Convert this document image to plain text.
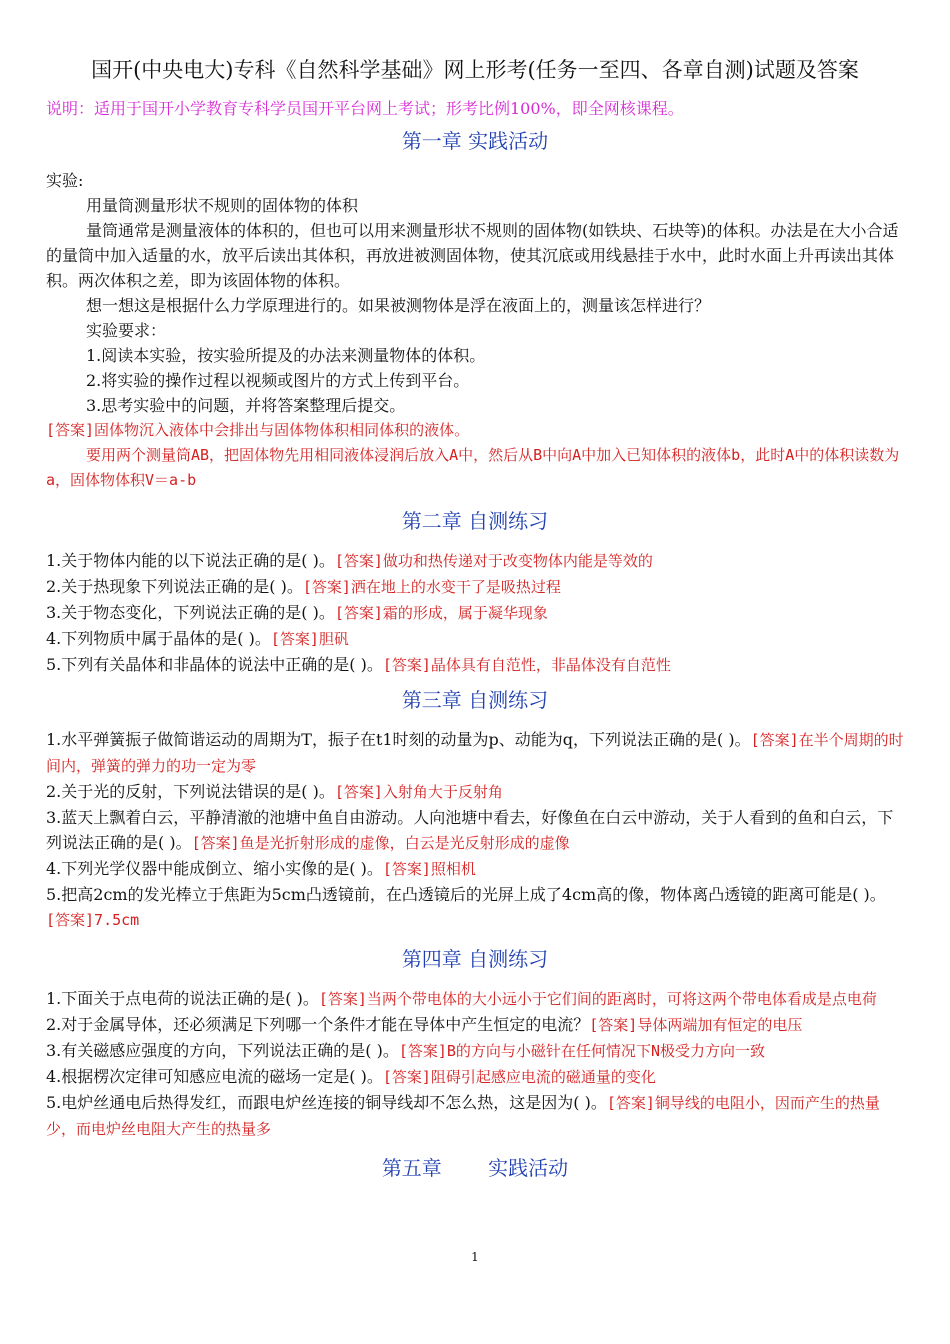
国开(中央电大)专科《自然科学基础》网上形考(任务一至四、各章自测)试题及答案
说明：适用于国开小学教育专科学员国开平台网上考试；形考比例100%，即全网核课程。
第一章 实践活动

实验:

用量筒测量形状不规则的固体物的体积

量筒通常是测量液体的体积的，但也可以用来测量形状不规则的固体物(如铁块、石块等)的体积。办法是在大小合适的量筒中加入适量的水，放平后读出其体积，再放进被测固体物，使其沉底或用线悬挂于水中，此时水面上升再读出其体积。两次体积之差，即为该固体物的体积。

想一想这是根据什么力学原理进行的。如果被测物体是浮在液面上的，测量该怎样进行？

实验要求：

1.阅读本实验，按实验所提及的办法来测量物体的体积。

2.将实验的操作过程以视频或图片的方式上传到平台。

3.思考实验中的问题，并将答案整理后提交。

[答案]固体物沉入液体中会排出与固体物体积相同体积的液体。

要用两个测量筒AB，把固体物先用相同液体浸润后放入A中，然后从B中向A中加入已知体积的液体b，此时A中的体积读数为a，固体物体积V＝a-b

第二章 自测练习

1.关于物体内能的以下说法正确的是( )。[答案]做功和热传递对于改变物体内能是等效的

2.关于热现象下列说法正确的是( )。[答案]洒在地上的水变干了是吸热过程

3.关于物态变化，下列说法正确的是( )。[答案]霜的形成，属于凝华现象

4.下列物质中属于晶体的是( )。[答案]胆矾

5.下列有关晶体和非晶体的说法中正确的是( )。[答案]晶体具有自范性，非晶体没有自范性

第三章 自测练习

1.水平弹簧振子做简谐运动的周期为T，振子在t1时刻的动量为p、动能为q，下列说法正确的是( )。[答案]在半个周期的时间内，弹簧的弹力的功一定为零

2.关于光的反射，下列说法错误的是( )。[答案]入射角大于反射角

3.蓝天上飘着白云，平静清澈的池塘中鱼自由游动。人向池塘中看去，好像鱼在白云中游动，关于人看到的鱼和白云，下列说法正确的是( )。[答案]鱼是光折射形成的虚像，白云是光反射形成的虚像

4.下列光学仪器中能成倒立、缩小实像的是( )。[答案]照相机

5.把高2cm的发光棒立于焦距为5cm凸透镜前，在凸透镜后的光屏上成了4cm高的像，物体离凸透镜的距离可能是( )。[答案]7.5cm

第四章 自测练习

1.下面关于点电荷的说法正确的是( )。[答案]当两个带电体的大小远小于它们间的距离时，可将这两个带电体看成是点电荷

2.对于金属导体，还必须满足下列哪一个条件才能在导体中产生恒定的电流？[答案]导体两端加有恒定的电压

3.有关磁感应强度的方向，下列说法正确的是( )。[答案]B的方向与小磁针在任何情况下N极受力方向一致

4.根据楞次定律可知感应电流的磁场一定是( )。[答案]阻碍引起感应电流的磁通量的变化

5.电炉丝通电后热得发红，而跟电炉丝连接的铜导线却不怎么热，这是因为( )。[答案]铜导线的电阻小，因而产生的热量少，而电炉丝电阻大产生的热量多

第五章 实践活动
1
